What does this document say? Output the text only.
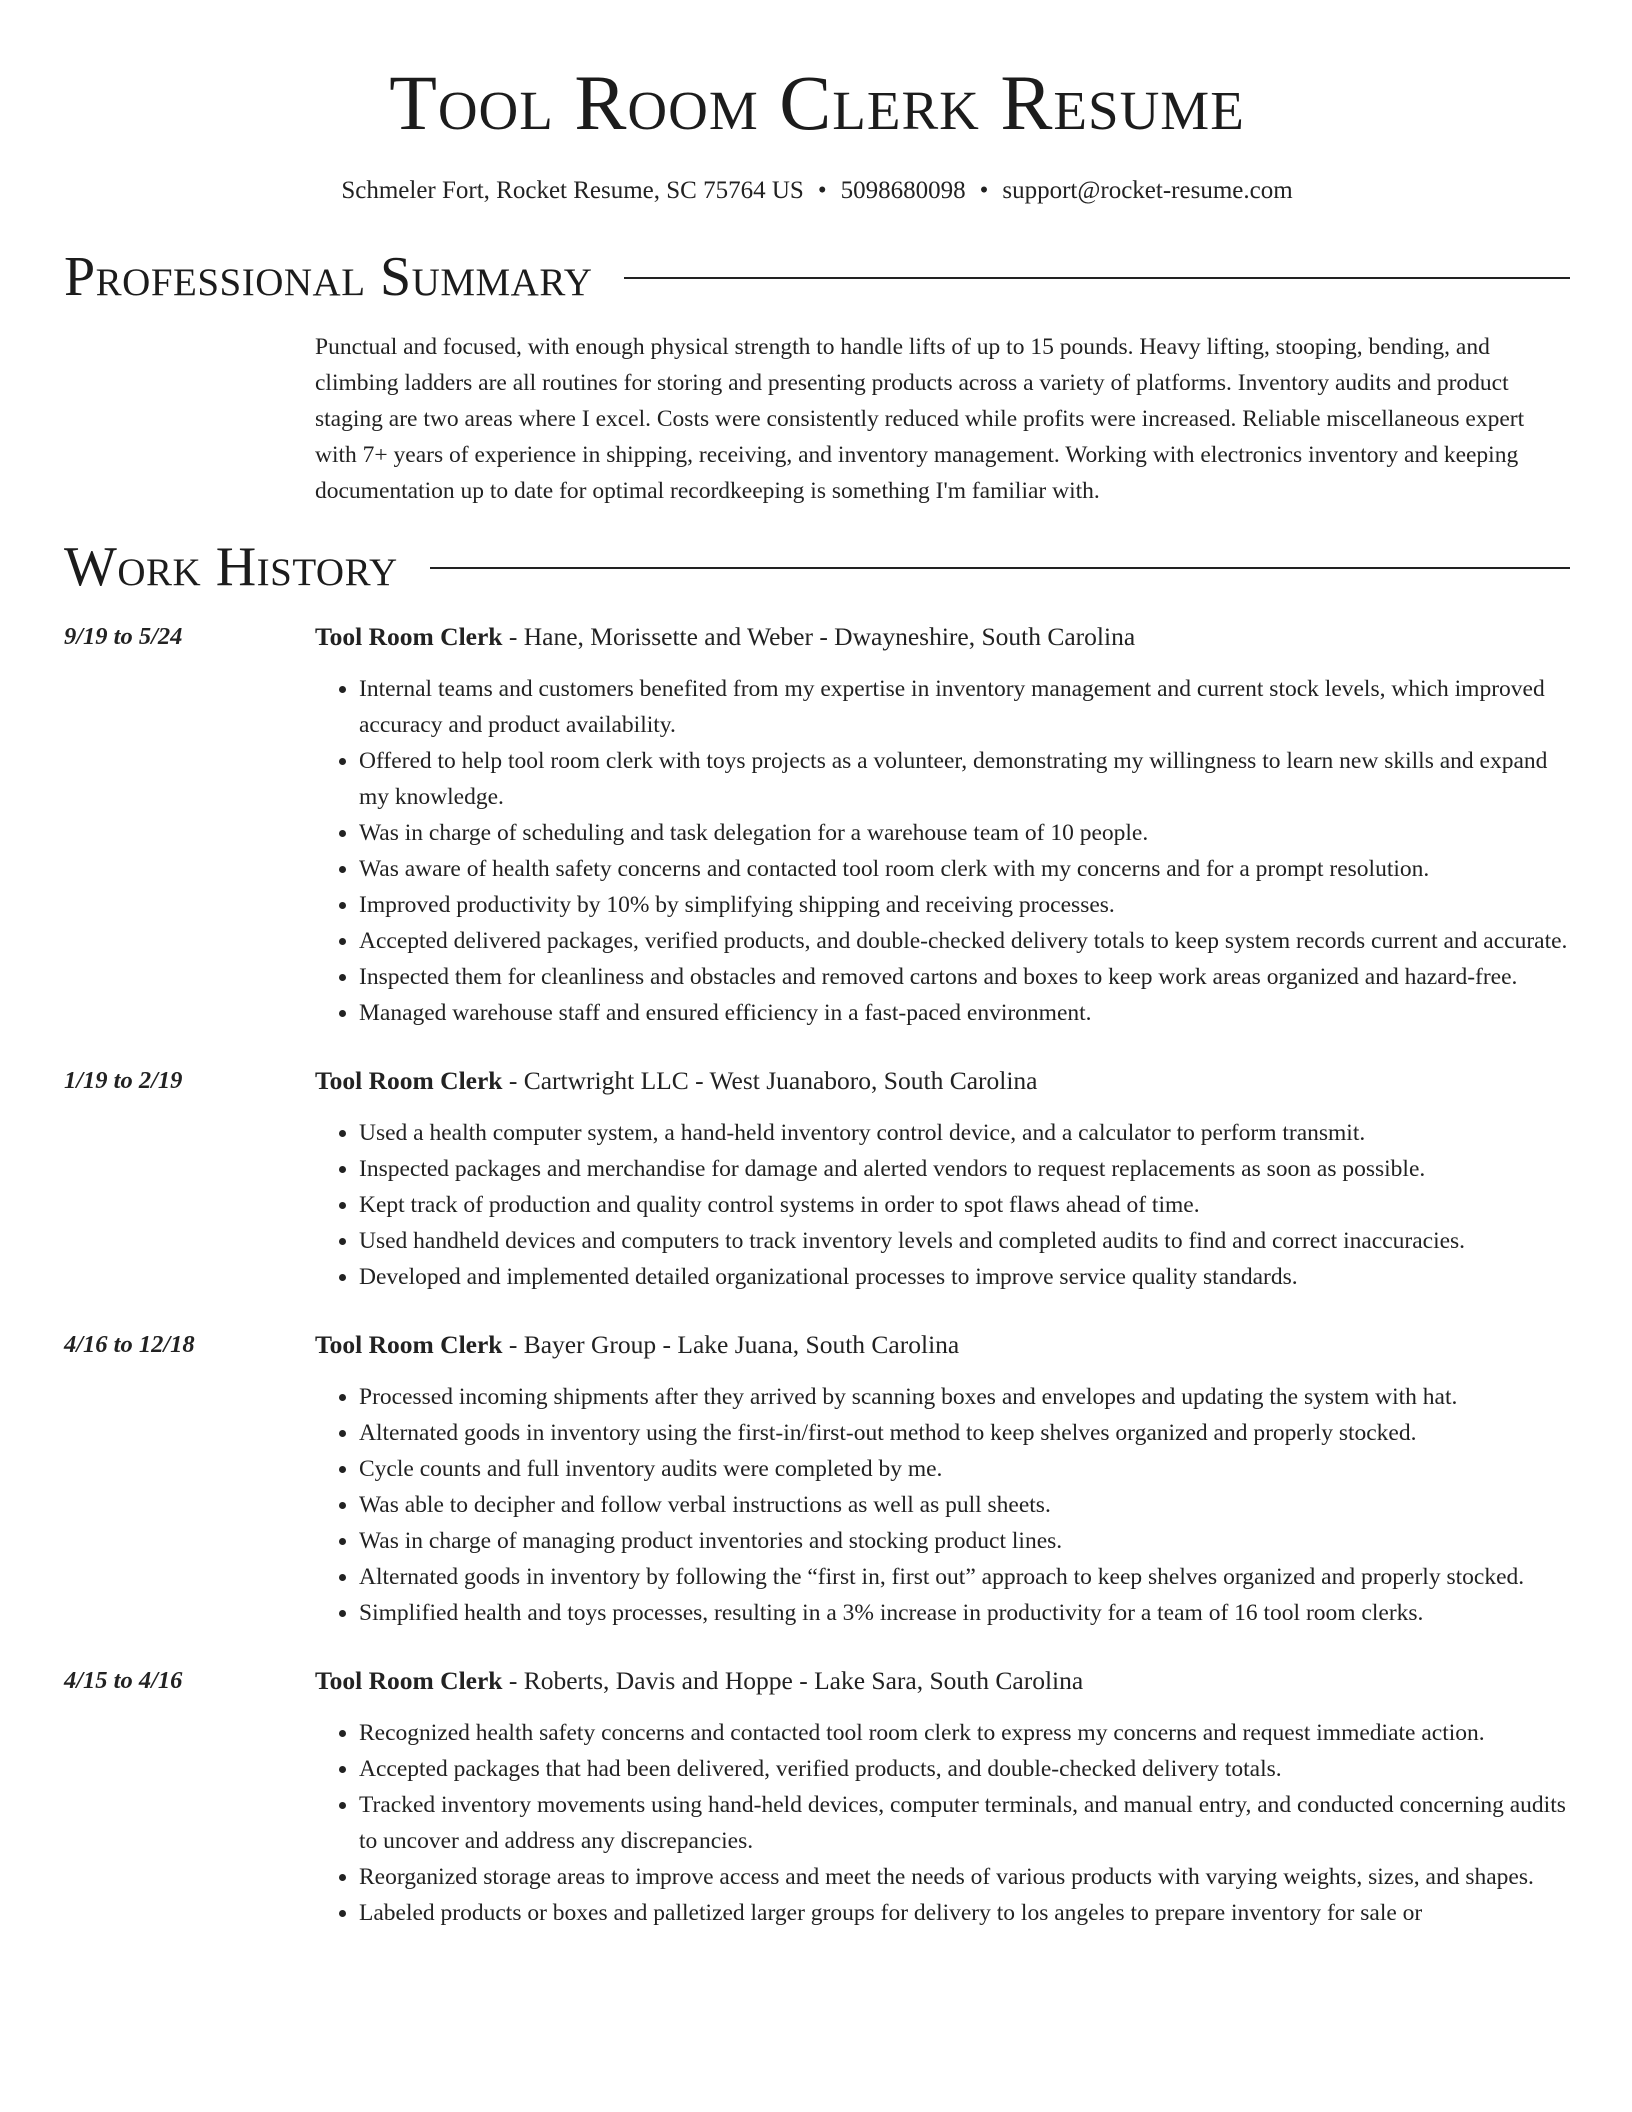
Tool Room Clerk Resume
Schmeler Fort, Rocket Resume, SC 75764 US • 5098680098 • support@rocket-resume.com
Professional Summary
Punctual and focused, with enough physical strength to handle lifts of up to 15 pounds. Heavy lifting, stooping, bending, and climbing ladders are all routines for storing and presenting products across a variety of platforms. Inventory audits and product staging are two areas where I excel. Costs were consistently reduced while profits were increased. Reliable miscellaneous expert with 7+ years of experience in shipping, receiving, and inventory management. Working with electronics inventory and keeping documentation up to date for optimal recordkeeping is something I'm familiar with.
Work History
9/19 to 5/24	Tool Room Clerk - Hane, Morissette and Weber - Dwayneshire, South Carolina
• Internal teams and customers benefited from my expertise in inventory management and current stock levels, which improved accuracy and product availability.
• Offered to help tool room clerk with toys projects as a volunteer, demonstrating my willingness to learn new skills and expand my knowledge.
• Was in charge of scheduling and task delegation for a warehouse team of 10 people.
• Was aware of health safety concerns and contacted tool room clerk with my concerns and for a prompt resolution.
• Improved productivity by 10% by simplifying shipping and receiving processes.
• Accepted delivered packages, verified products, and double-checked delivery totals to keep system records current and accurate.
• Inspected them for cleanliness and obstacles and removed cartons and boxes to keep work areas organized and hazard-free.
• Managed warehouse staff and ensured efficiency in a fast-paced environment.
1/19 to 2/19	Tool Room Clerk - Cartwright LLC - West Juanaboro, South Carolina
• Used a health computer system, a hand-held inventory control device, and a calculator to perform transmit.
• Inspected packages and merchandise for damage and alerted vendors to request replacements as soon as possible.
• Kept track of production and quality control systems in order to spot flaws ahead of time.
• Used handheld devices and computers to track inventory levels and completed audits to find and correct inaccuracies.
• Developed and implemented detailed organizational processes to improve service quality standards.
4/16 to 12/18	Tool Room Clerk - Bayer Group - Lake Juana, South Carolina
• Processed incoming shipments after they arrived by scanning boxes and envelopes and updating the system with hat.
• Alternated goods in inventory using the first-in/first-out method to keep shelves organized and properly stocked.
• Cycle counts and full inventory audits were completed by me.
• Was able to decipher and follow verbal instructions as well as pull sheets.
• Was in charge of managing product inventories and stocking product lines.
• Alternated goods in inventory by following the “first in, first out” approach to keep shelves organized and properly stocked.
• Simplified health and toys processes, resulting in a 3% increase in productivity for a team of 16 tool room clerks.
4/15 to 4/16	Tool Room Clerk - Roberts, Davis and Hoppe - Lake Sara, South Carolina
• Recognized health safety concerns and contacted tool room clerk to express my concerns and request immediate action.
• Accepted packages that had been delivered, verified products, and double-checked delivery totals.
• Tracked inventory movements using hand-held devices, computer terminals, and manual entry, and conducted concerning audits to uncover and address any discrepancies.
• Reorganized storage areas to improve access and meet the needs of various products with varying weights, sizes, and shapes.
• Labeled products or boxes and palletized larger groups for delivery to los angeles to prepare inventory for sale or
